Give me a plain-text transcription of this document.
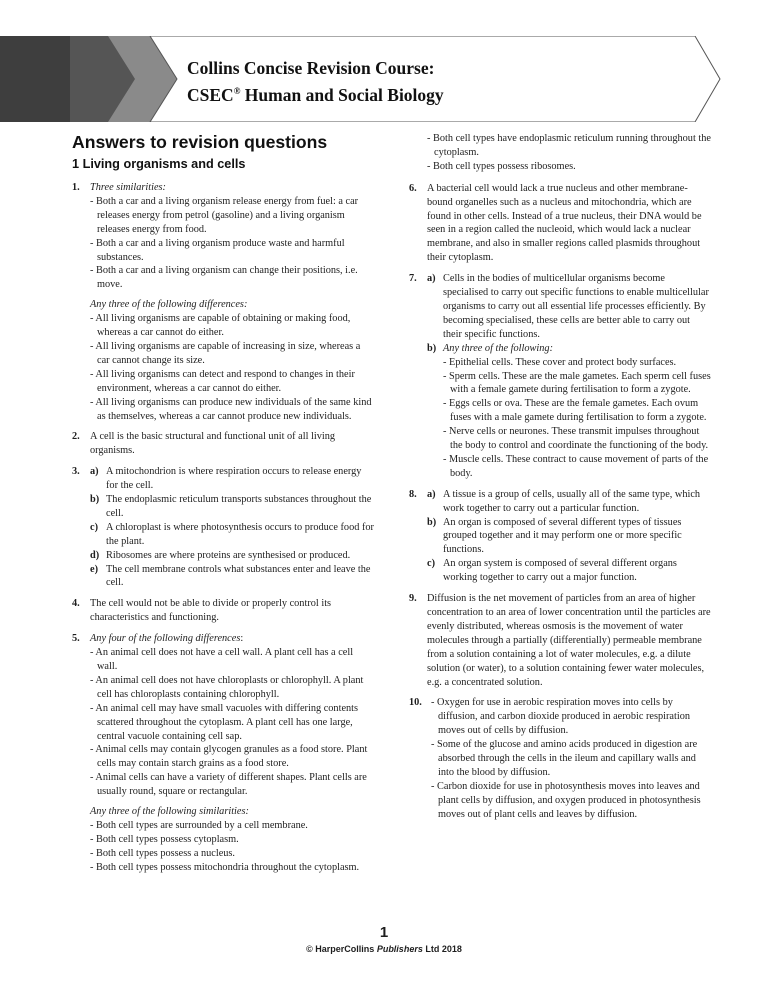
Collins Concise Revision Course:
CSEC® Human and Social Biology
Answers to revision questions
1 Living organisms and cells
1. Three similarities:
- Both a car and a living organism release energy from fuel: a car releases energy from petrol (gasoline) and a living organism releases energy from food.
- Both a car and a living organism produce waste and harmful substances.
- Both a car and a living organism can change their positions, i.e. move.
Any three of the following differences:
- All living organisms are capable of obtaining or making food, whereas a car cannot do either.
- All living organisms are capable of increasing in size, whereas a car cannot change its size.
- All living organisms can detect and respond to changes in their environment, whereas a car cannot do either.
- All living organisms can produce new individuals of the same kind as themselves, whereas a car cannot produce new individuals.
2. A cell is the basic structural and functional unit of all living organisms.
3. a) A mitochondrion is where respiration occurs to release energy for the cell.
b) The endoplasmic reticulum transports substances throughout the cell.
c) A chloroplast is where photosynthesis occurs to produce food for the plant.
d) Ribosomes are where proteins are synthesised or produced.
e) The cell membrane controls what substances enter and leave the cell.
4. The cell would not be able to divide or properly control its characteristics and functioning.
5. Any four of the following differences:
- An animal cell does not have a cell wall. A plant cell has a cell wall.
- An animal cell does not have chloroplasts or chlorophyll. A plant cell has chloroplasts containing chlorophyll.
- An animal cell may have small vacuoles with differing contents scattered throughout the cytoplasm. A plant cell has one large, central vacuole containing cell sap.
- Animal cells may contain glycogen granules as a food store. Plant cells may contain starch grains as a food store.
- Animal cells can have a variety of different shapes. Plant cells are usually round, square or rectangular.
Any three of the following similarities:
- Both cell types are surrounded by a cell membrane.
- Both cell types possess cytoplasm.
- Both cell types possess a nucleus.
- Both cell types possess mitochondria throughout the cytoplasm.
- Both cell types have endoplasmic reticulum running throughout the cytoplasm.
- Both cell types possess ribosomes.
6. A bacterial cell would lack a true nucleus and other membrane-bound organelles such as a nucleus and mitochondria, which are found in other cells. Instead of a true nucleus, their DNA would be seen in a region called the nucleoid, which would lack a nuclear membrane, and also in smaller regions called plasmids throughout their cytoplasm.
7. a) Cells in the bodies of multicellular organisms become specialised to carry out specific functions to enable multicellular organisms to carry out all essential life processes efficiently. By becoming specialised, these cells are better able to carry out their specific functions.
b) Any three of the following:
- Epithelial cells. These cover and protect body surfaces.
- Sperm cells. These are the male gametes. Each sperm cell fuses with a female gamete during fertilisation to form a zygote.
- Eggs cells or ova. These are the female gametes. Each ovum fuses with a male gamete during fertilisation to form a zygote.
- Nerve cells or neurones. These transmit impulses throughout the body to control and coordinate the functioning of the body.
- Muscle cells. These contract to cause movement of parts of the body.
8. a) A tissue is a group of cells, usually all of the same type, which work together to carry out a particular function.
b) An organ is composed of several different types of tissues grouped together and it may perform one or more specific functions.
c) An organ system is composed of several different organs working together to carry out a major function.
9. Diffusion is the net movement of particles from an area of higher concentration to an area of lower concentration until the particles are evenly distributed, whereas osmosis is the movement of water molecules through a partially (differentially) permeable membrane from a solution containing a lot of water molecules, e.g. a dilute solution (or water), to a solution containing fewer water molecules, e.g. a concentrated solution.
10. - Oxygen for use in aerobic respiration moves into cells by diffusion, and carbon dioxide produced in aerobic respiration moves out of cells by diffusion.
- Some of the glucose and amino acids produced in digestion are absorbed through the cells in the ileum and capillary walls and into the blood by diffusion.
- Carbon dioxide for use in photosynthesis moves into leaves and plant cells by diffusion, and oxygen produced in photosynthesis moves out of plant cells and leaves by diffusion.
1
© HarperCollins Publishers Ltd 2018
